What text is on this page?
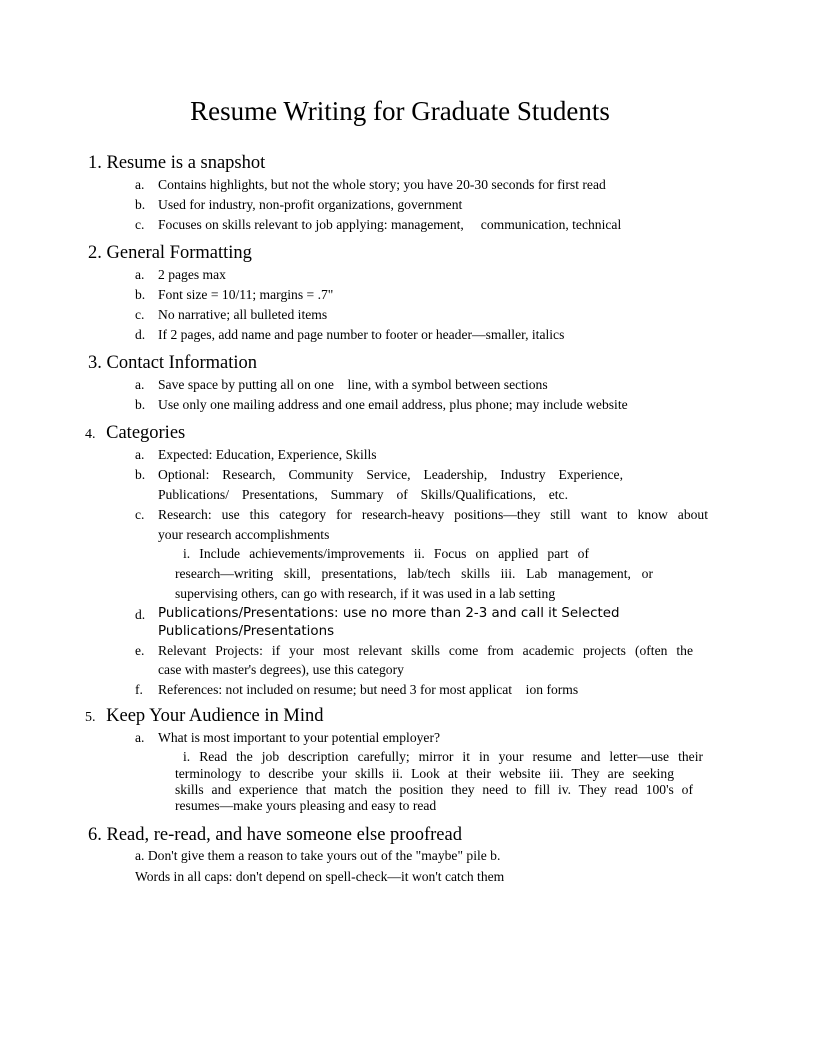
Resume Writing for Graduate Students
1. Resume is a snapshot
a. Contains highlights, but not the whole story; you have 20-30 seconds for first read
b. Used for industry, non-profit organizations, government
c. Focuses on skills relevant to job applying: management,     communication, technical
2. General Formatting
a. 2 pages max
b. Font size = 10/11; margins = .7"
c. No narrative; all bulleted items
d. If 2 pages, add name and page number to footer or header—smaller, italics
3. Contact Information
a. Save space by putting all on one    line, with a symbol between sections
b. Use only one mailing address and one email address, plus phone; may include website
4. Categories
a. Expected: Education, Experience, Skills
b. Optional: Research, Community Service, Leadership, Industry Experience,
Publications/ Presentations, Summary of Skills/Qualifications, etc.
c. Research: use this category for research-heavy positions—they still want to know about
your research accomplishments
i. Include achievements/improvements ii. Focus on applied part of
research—writing skill, presentations, lab/tech skills iii. Lab management, or
supervising others, can go with research, if it was used in a lab setting
d. Publications/Presentations: use no more than 2-3 and call it Selected
Publications/Presentations
e. Relevant Projects: if your most relevant skills come from academic projects (often the
case with master's degrees), use this category
f. References: not included on resume; but need 3 for most applicat    ion forms
5. Keep Your Audience in Mind
a. What is most important to your potential employer?
i. Read the job description carefully; mirror it in your resume and letter—use their
terminology to describe your skills ii. Look at their website iii. They are seeking
skills and experience that match the position they need to fill iv. They read 100's of
resumes—make yours pleasing and easy to read
6. Read, re-read, and have someone else proofread
a. Don't give them a reason to take yours out of the "maybe" pile b.
Words in all caps: don't depend on spell-check—it won't catch them
